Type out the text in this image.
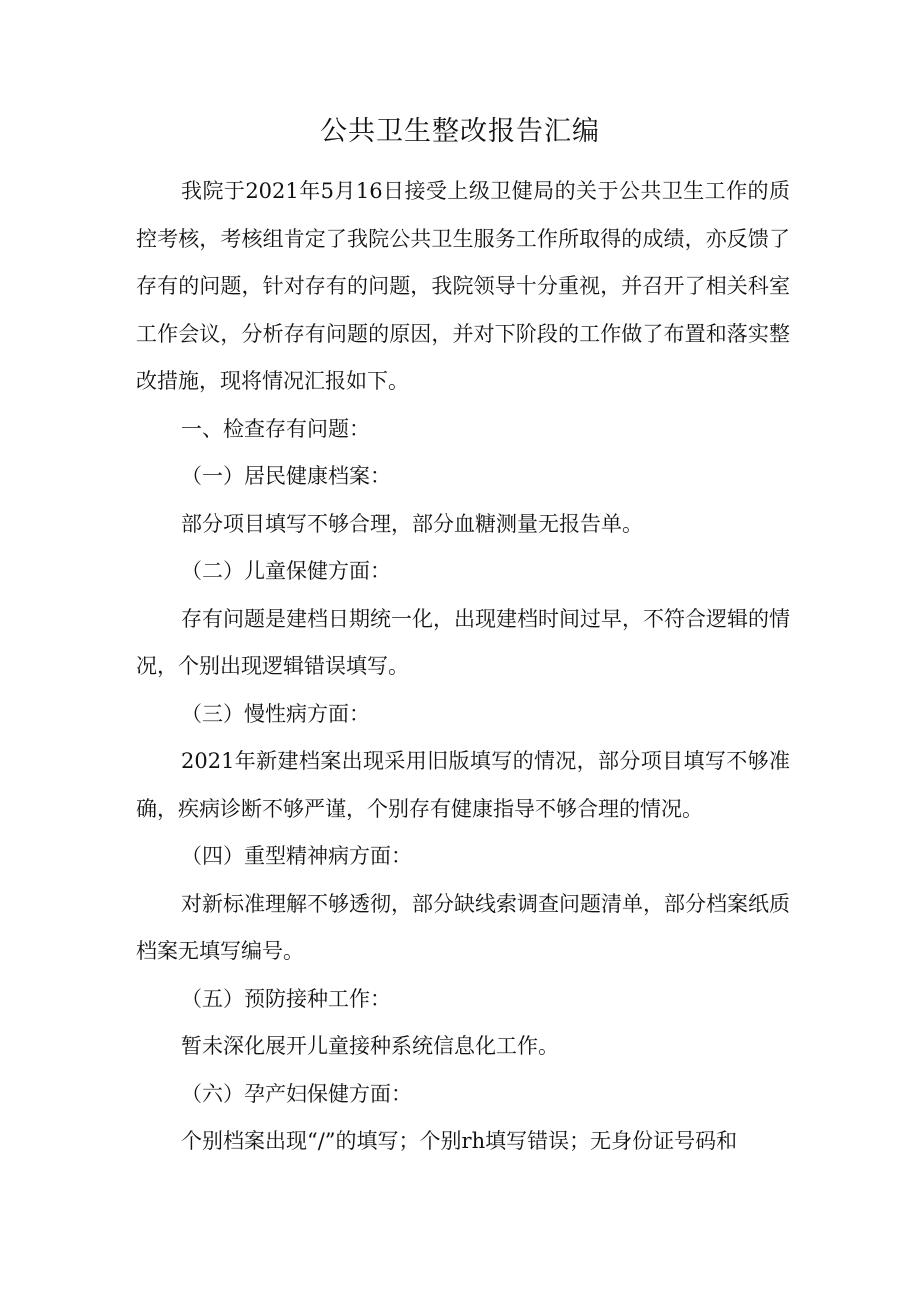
公共卫生整改报告汇编

我院于2021年5月16日接受上级卫健局的关于公共卫生工作的质控考核，考核组肯定了我院公共卫生服务工作所取得的成绩，亦反馈了存有的问题，针对存有的问题，我院领导十分重视，并召开了相关科室工作会议，分析存有问题的原因，并对下阶段的工作做了布置和落实整改措施，现将情况汇报如下。

一、检查存有问题：

（一）居民健康档案：

部分项目填写不够合理，部分血糖测量无报告单。

（二）儿童保健方面：

存有问题是建档日期统一化，出现建档时间过早，不符合逻辑的情况，个别出现逻辑错误填写。

（三）慢性病方面：

2021年新建档案出现采用旧版填写的情况，部分项目填写不够准确，疾病诊断不够严谨，个别存有健康指导不够合理的情况。

（四）重型精神病方面：

对新标准理解不够透彻，部分缺线索调查问题清单，部分档案纸质档案无填写编号。

（五）预防接种工作：

暂未深化展开儿童接种系统信息化工作。

（六）孕产妇保健方面：

个别档案出现“/”的填写；个别rh填写错误；无身份证号码和
